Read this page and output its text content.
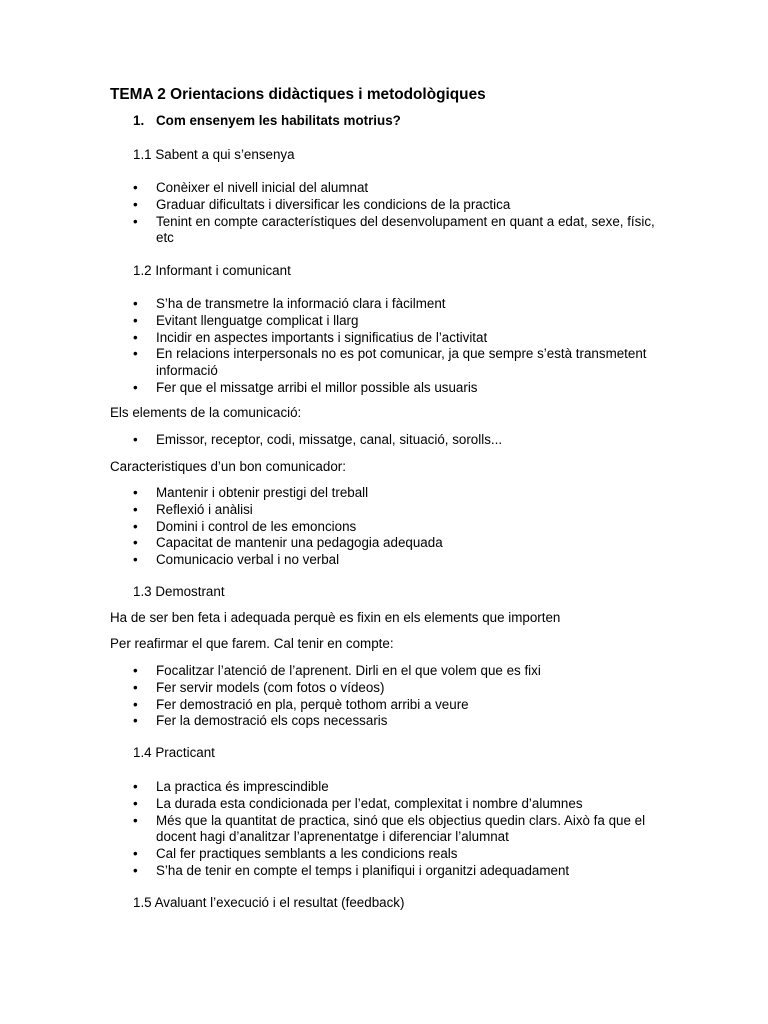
TEMA 2 Orientacions didàctiques i metodològiques
1. Com ensenyem les habilitats motrius?
1.1 Sabent a qui s’ensenya
• Conèixer el nivell inicial del alumnat
• Graduar dificultats i diversificar les condicions de la practica
• Tenint en compte característiques del desenvolupament en quant a edat, sexe, físic, etc
1.2 Informant i comunicant
• S’ha de transmetre la informació clara i fàcilment
• Evitant llenguatge complicat i llarg
• Incidir en aspectes importants i significatius de l’activitat
• En relacions interpersonals no es pot comunicar, ja que sempre s’està transmetent informació
• Fer que el missatge arribi el millor possible als usuaris
Els elements de la comunicació:
• Emissor, receptor, codi, missatge, canal, situació, sorolls...
Caracteristiques d’un bon comunicador:
• Mantenir i obtenir prestigi del treball
• Reflexió i anàlisi
• Domini i control de les emoncions
• Capacitat de mantenir una pedagogia adequada
• Comunicacio verbal i no verbal
1.3 Demostrant
Ha de ser ben feta i adequada perquè es fixin en els elements que importen
Per reafirmar el que farem. Cal tenir en compte:
• Focalitzar l’atenció de l’aprenent. Dirli en el que volem que es fixi
• Fer servir models (com fotos o vídeos)
• Fer demostració en pla, perquè tothom arribi a veure
• Fer la demostració els cops necessaris
1.4 Practicant
• La practica és imprescindible
• La durada esta condicionada per l’edat, complexitat i nombre d’alumnes
• Més que la quantitat de practica, sinó que els objectius quedin clars. Això fa que el docent hagi d’analitzar l’aprenentatge i diferenciar l’alumnat
• Cal fer practiques semblants a les condicions reals
• S’ha de tenir en compte el temps i planifiqui i organitzi adequadament
1.5 Avaluant l’execució i el resultat (feedback)
